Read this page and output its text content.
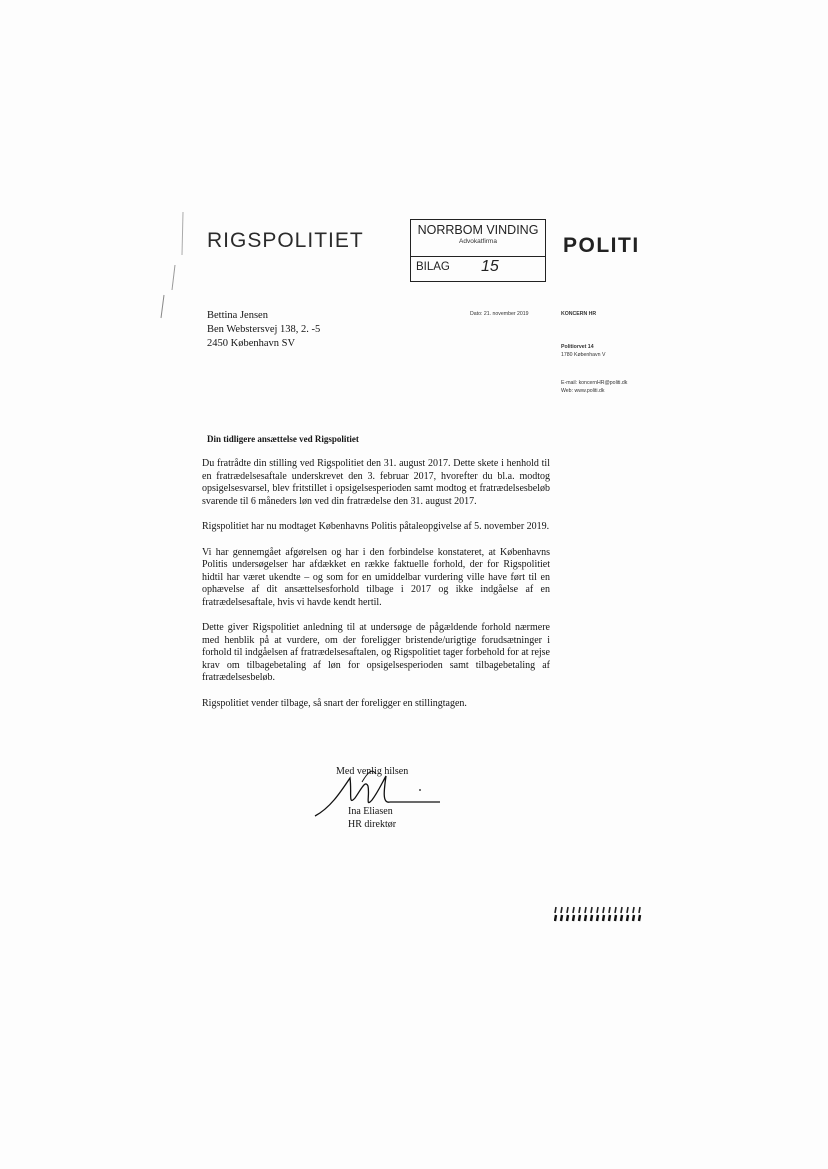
RIGSPOLITIET	NORRBOM VINDING
Advokatfirma
BILAG 15
POLITI
Bettina Jensen
Ben Webstersvej 138, 2. -5
2450 København SV
Dato: 21. november 2019	KONCERN HR
Politiorvet 14
1780 København V
E-mail: koncernHR@politi.dk
Web: www.politi.dk
Din tidligere ansættelse ved Rigspolitiet

Du fratrådte din stilling ved Rigspolitiet den 31. august 2017. Dette skete i henhold til en fratrædelsesaftale underskrevet den 3. februar 2017, hvorefter du bl.a. modtog opsigelsesvarsel, blev fritstillet i opsigelsesperioden samt modtog et fratrædelsesbeløb svarende til 6 måneders løn ved din fratrædelse den 31. august 2017.

Rigspolitiet har nu modtaget Københavns Politis påtaleopgivelse af 5. november 2019.

Vi har gennemgået afgørelsen og har i den forbindelse konstateret, at Københavns Politis undersøgelser har afdækket en række faktuelle forhold, der for Rigspolitiet hidtil har været ukendte – og som for en umiddelbar vurdering ville have ført til en ophævelse af dit ansættelsesforhold tilbage i 2017 og ikke indgåelse af en fratrædelsesaftale, hvis vi havde kendt hertil.

Dette giver Rigspolitiet anledning til at undersøge de pågældende forhold nærmere med henblik på at vurdere, om der foreligger bristende/urigtige forudsætninger i forhold til indgåelsen af fratrædelsesaftalen, og Rigspolitiet tager forbehold for at rejse krav om tilbagebetaling af løn for opsigelsesperioden samt tilbagebetaling af fratrædelsesbeløb.

Rigspolitiet vender tilbage, så snart der foreligger en stillingtagen.

Med venlig hilsen
Ina Eliasen
HR direktør
